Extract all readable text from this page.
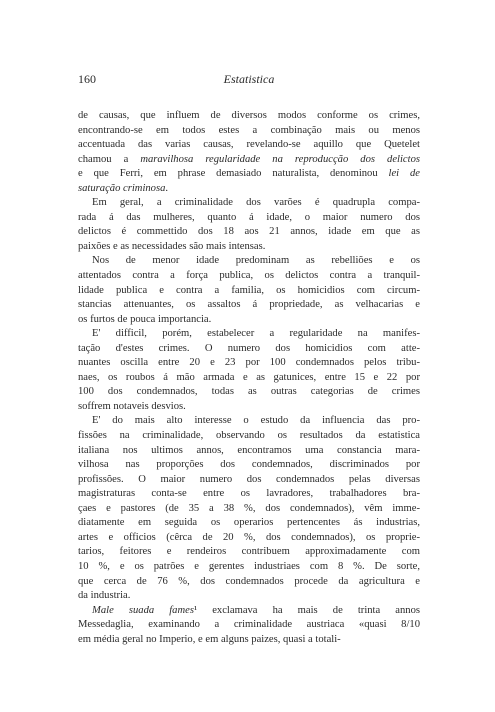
160	Estatistica
de causas, que influem de diversos modos conforme os crimes,
encontrando-se em todos estes a combinação mais ou menos
accentuada das varias causas, revelando-se aquillo que Quetelet
chamou a maravilhosa regularidade na reproducção dos delictos
e que Ferri, em phrase demasiado naturalista, denominou lei de
saturação criminosa.
Em geral, a criminalidade dos varões é quadrupla compa-
rada á das mulheres, quanto á idade, o maior numero dos
delictos é commettido dos 18 aos 21 annos, idade em que as
paixões e as necessidades são mais intensas.
Nos de menor idade predominam as rebelliões e os
attentados contra a força publica, os delictos contra a tranquil-
lidade publica e contra a familia, os homicidios com circum-
stancias attenuantes, os assaltos á propriedade, as velhacarias e
os furtos de pouca importancia.
E' difficil, porém, estabelecer a regularidade na manifes-
tação d'estes crimes. O numero dos homicidios com atte-
nuantes oscilla entre 20 e 23 por 100 condemnados pelos tribu-
naes, os roubos á mão armada e as gatunices, entre 15 e 22 por
100 dos condemnados, todas as outras categorias de crimes
soffrem notaveis desvios.
E' do mais alto interesse o estudo da influencia das pro-
fissões na criminalidade, observando os resultados da estatistica
italiana nos ultimos annos, encontramos uma constancia mara-
vilhosa nas proporções dos condemnados, discriminados por
profissões. O maior numero dos condemnados pelas diversas
magistraturas conta-se entre os lavradores, trabalhadores bra-
çaes e pastores (de 35 a 38 %, dos condemnados), vêm imme-
diatamente em seguida os operarios pertencentes ás industrias,
artes e officios (cêrca de 20 %, dos condemnados), os proprie-
tarios, feitores e rendeiros contribuem approximadamente com
10 %, e os patrões e gerentes industriaes com 8 %. De sorte,
que cerca de 76 %, dos condemnados procede da agricultura e
da industria.
Male suada fames¹ exclamava ha mais de trinta annos
Messedaglia, examinando a criminalidade austriaca «quasi 8/10
em média geral no Imperio, e em alguns paizes, quasi a totali-
